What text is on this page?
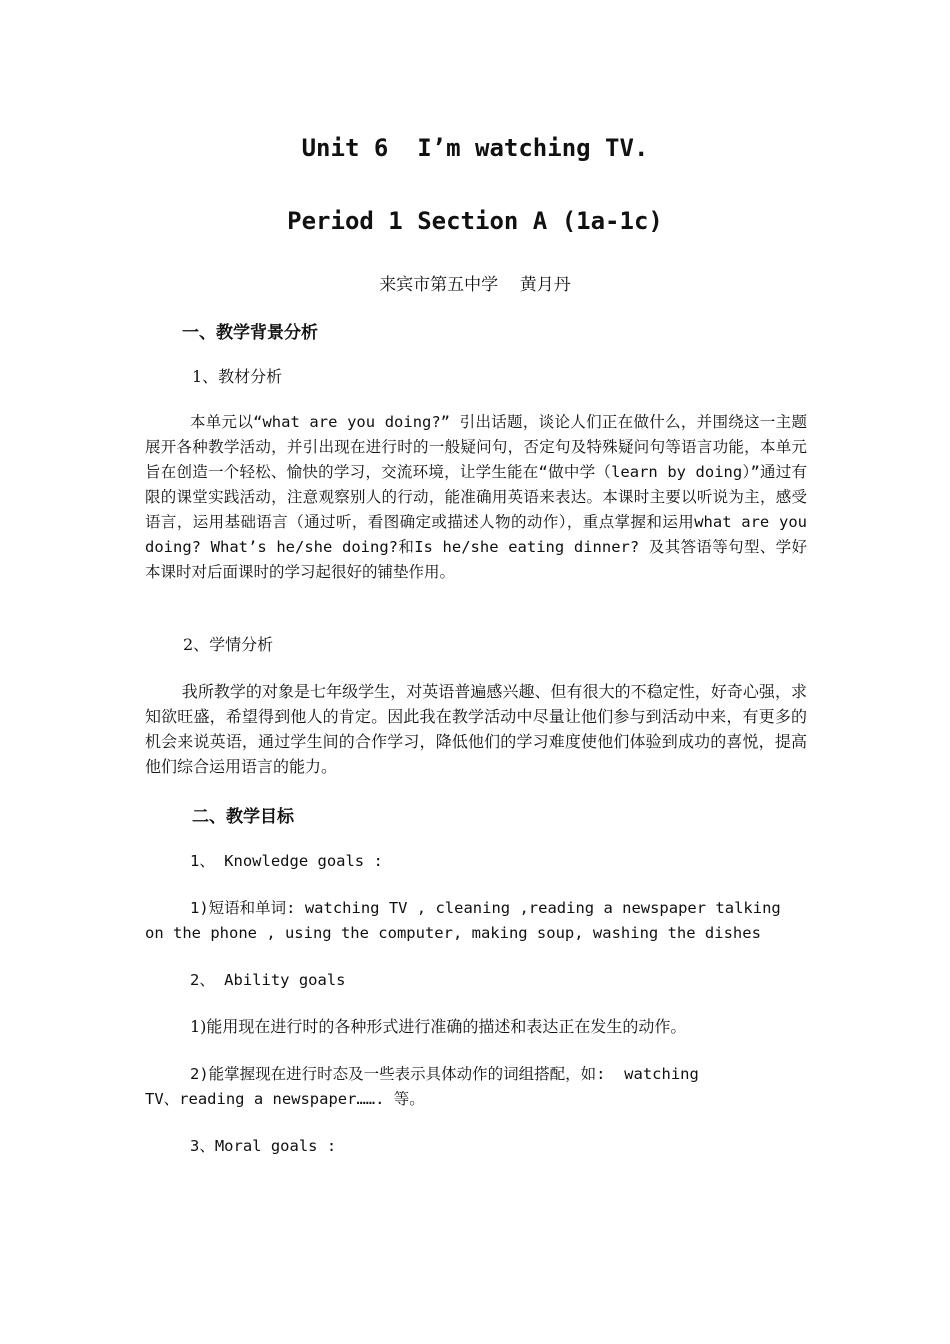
Unit 6  I’m watching TV.
Period 1 Section A (1a-1c)
来宾市第五中学    黄月丹
一、教学背景分析
1、教材分析
本单元以“what are you doing?” 引出话题，谈论人们正在做什么，并围绕这一主题展开各种教学活动，并引出现在进行时的一般疑问句，否定句及特殊疑问句等语言功能，本单元旨在创造一个轻松、愉快的学习，交流环境，让学生能在“做中学（learn by doing）”通过有限的课堂实践活动，注意观察别人的行动，能准确用英语来表达。本课时主要以听说为主，感受语言，运用基础语言（通过听，看图确定或描述人物的动作），重点掌握和运用what are you doing? What’s he/she doing?和Is he/she eating dinner? 及其答语等句型、学好本课时对后面课时的学习起很好的铺垫作用。
2、学情分析
我所教学的对象是七年级学生，对英语普遍感兴趣、但有很大的不稳定性，好奇心强，求知欲旺盛，希望得到他人的肯定。因此我在教学活动中尽量让他们参与到活动中来，有更多的机会来说英语，通过学生间的合作学习，降低他们的学习难度使他们体验到成功的喜悦，提高他们综合运用语言的能力。
二、教学目标
1、 Knowledge goals :
1)短语和单词: watching TV , cleaning ,reading a newspaper talking
on the phone , using the computer, making soup, washing the dishes
2、 Ability goals
1)能用现在进行时的各种形式进行准确的描述和表达正在发生的动作。
2)能掌握现在进行时态及一些表示具体动作的词组搭配，如:  watching
TV、reading a newspaper……. 等。
3、Moral goals :
